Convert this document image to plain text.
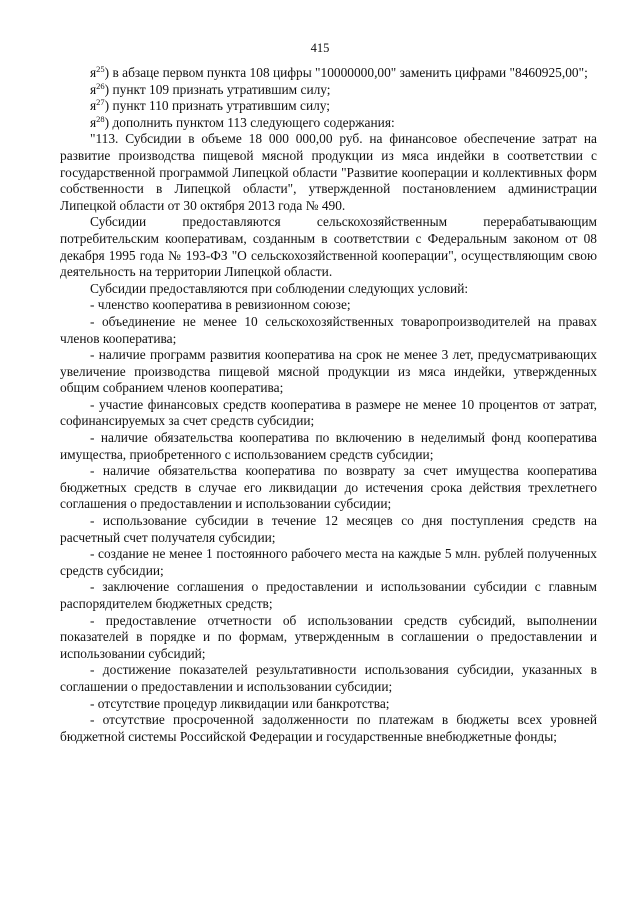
415

$я^{25}$) в абзаце первом пункта 108 цифры "10000000,00" заменить цифрами "8460925,00";

$я^{26}$) пункт 109 признать утратившим силу;

$я^{27}$) пункт 110 признать утратившим силу;

$я^{28}$) дополнить пунктом 113 следующего содержания:

"113. Субсидии в объеме 18 000 000,00 руб. на финансовое обеспечение затрат на развитие производства пищевой мясной продукции из мяса индейки в соответствии с государственной программой Липецкой области "Развитие кооперации и коллективных форм собственности в Липецкой области", утвержденной постановлением администрации Липецкой области от 30 октября 2013 года № 490.

Субсидии предоставляются сельскохозяйственным перерабатывающим потребительским кооперативам, созданным в соответствии с Федеральным законом от 08 декабря 1995 года № 193-ФЗ "О сельскохозяйственной кооперации", осуществляющим свою деятельность на территории Липецкой области.

Субсидии предоставляются при соблюдении следующих условий:

- членство кооператива в ревизионном союзе;

- объединение не менее 10 сельскохозяйственных товаропроизводителей на правах членов кооператива;

- наличие программ развития кооператива на срок не менее 3 лет, предусматривающих увеличение производства пищевой мясной продукции из мяса индейки, утвержденных общим собранием членов кооператива;

- участие финансовых средств кооператива в размере не менее 10 процентов от затрат, софинансируемых за счет средств субсидии;

- наличие обязательства кооператива по включению в неделимый фонд кооператива имущества, приобретенного с использованием средств субсидии;

- наличие обязательства кооператива по возврату за счет имущества кооператива бюджетных средств в случае его ликвидации до истечения срока действия трехлетнего соглашения о предоставлении и использовании субсидии;

- использование субсидии в течение 12 месяцев со дня поступления средств на расчетный счет получателя субсидии;

- создание не менее 1 постоянного рабочего места на каждые 5 млн. рублей полученных средств субсидии;

- заключение соглашения о предоставлении и использовании субсидии с главным распорядителем бюджетных средств;

- предоставление отчетности об использовании средств субсидий, выполнении показателей в порядке и по формам, утвержденным в соглашении о предоставлении и использовании субсидий;

- достижение показателей результативности использования субсидии, указанных в соглашении о предоставлении и использовании субсидии;

- отсутствие процедур ликвидации или банкротства;

- отсутствие просроченной задолженности по платежам в бюджеты всех уровней бюджетной системы Российской Федерации и государственные внебюджетные фонды;
